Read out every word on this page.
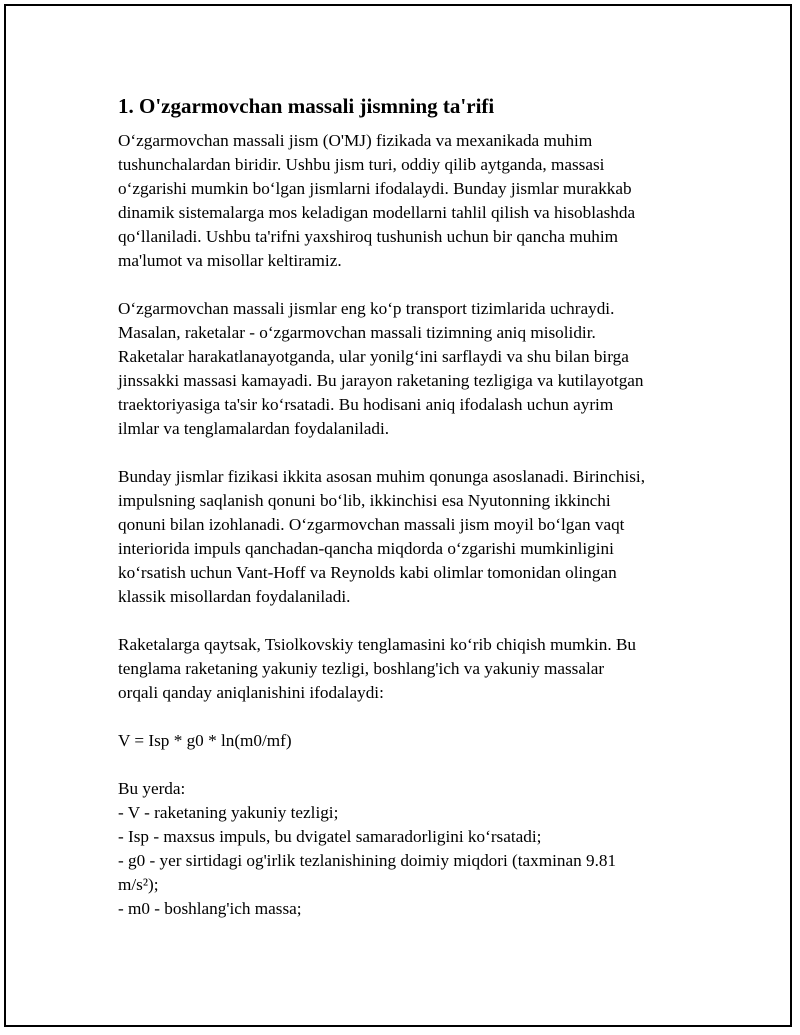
1. O'zgarmovchan massali jismning ta'rifi

O‘zgarmovchan massali jism (O'MJ) fizikada va mexanikada muhim
tushunchalardan biridir. Ushbu jism turi, oddiy qilib aytganda, massasi
o‘zgarishi mumkin bo‘lgan jismlarni ifodalaydi. Bunday jismlar murakkab
dinamik sistemalarga mos keladigan modellarni tahlil qilish va hisoblashda
qo‘llaniladi. Ushbu ta'rifni yaxshiroq tushunish uchun bir qancha muhim
ma'lumot va misollar keltiramiz.

O‘zgarmovchan massali jismlar eng ko‘p transport tizimlarida uchraydi.
Masalan, raketalar - o‘zgarmovchan massali tizimning aniq misolidir.
Raketalar harakatlanayotganda, ular yonilg‘ini sarflaydi va shu bilan birga
jinssakki massasi kamayadi. Bu jarayon raketaning tezligiga va kutilayotgan
traektoriyasiga ta'sir ko‘rsatadi. Bu hodisani aniq ifodalash uchun ayrim
ilmlar va tenglamalardan foydalaniladi.

Bunday jismlar fizikasi ikkita asosan muhim qonunga asoslanadi. Birinchisi,
impulsning saqlanish qonuni bo‘lib, ikkinchisi esa Nyutonning ikkinchi
qonuni bilan izohlanadi. O‘zgarmovchan massali jism moyil bo‘lgan vaqt
interiorida impuls qanchadan-qancha miqdorda o‘zgarishi mumkinligini
ko‘rsatish uchun Vant-Hoff va Reynolds kabi olimlar tomonidan olingan
klassik misollardan foydalaniladi.

Raketalarga qaytsak, Tsiolkovskiy tenglamasini ko‘rib chiqish mumkin. Bu
tenglama raketaning yakuniy tezligi, boshlang'ich va yakuniy massalar
orqali qanday aniqlanishini ifodalaydi:

V = Isp * g0 * ln(m0/mf)

Bu yerda:
- V - raketaning yakuniy tezligi;
- Isp - maxsus impuls, bu dvigatel samaradorligini ko‘rsatadi;
- g0 - yer sirtidagi og'irlik tezlanishining doimiy miqdori (taxminan 9.81
m/s²);
- m0 - boshlang'ich massa;
